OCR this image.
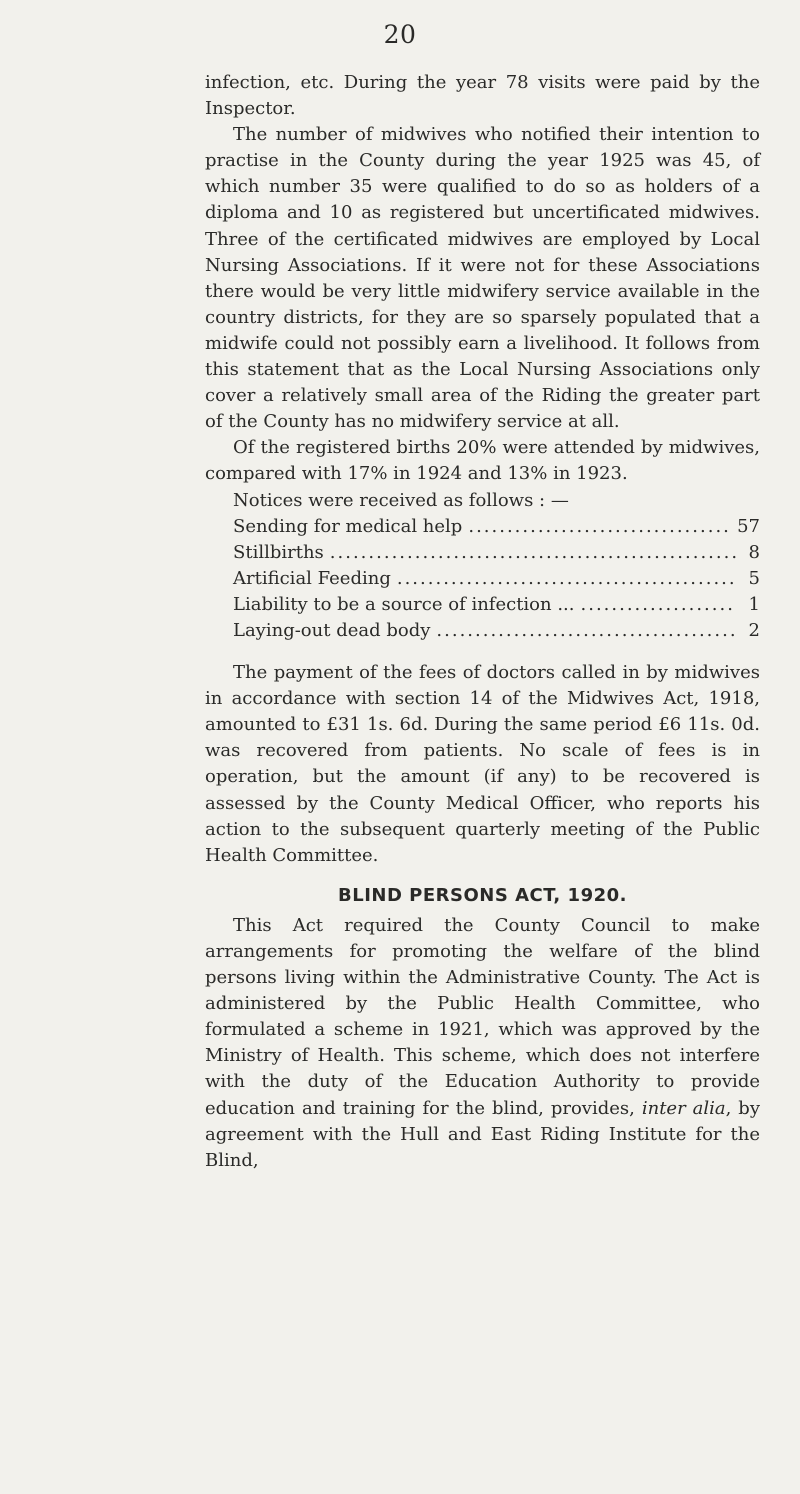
20

infection, etc. During the year 78 visits were paid by the Inspector.

The number of midwives who notified their intention to practise in the County during the year 1925 was 45, of which number 35 were qualified to do so as holders of a diploma and 10 as registered but uncertificated midwives. Three of the certificated midwives are employed by Local Nursing Associations. If it were not for these Associations there would be very little midwifery service available in the country districts, for they are so sparsely populated that a midwife could not possibly earn a livelihood. It follows from this statement that as the Local Nursing Associations only cover a relatively small area of the Riding the greater part of the County has no midwifery service at all.

Of the registered births 20% were attended by midwives, compared with 17% in 1924 and 13% in 1923.

Notices were received as follows : —

Sending for medical help .....	57
Stillbirths .....	8
Artificial Feeding .....	5
Liability to be a source of infection ... .....	1
Laying-out dead body .....	2

The payment of the fees of doctors called in by midwives in accordance with section 14 of the Midwives Act, 1918, amounted to £31 1s. 6d. During the same period £6 11s. 0d. was recovered from patients. No scale of fees is in operation, but the amount (if any) to be recovered is assessed by the County Medical Officer, who reports his action to the subsequent quarterly meeting of the Public Health Committee.

BLIND PERSONS ACT, 1920.

This Act required the County Council to make arrangements for promoting the welfare of the blind persons living within the Administrative County. The Act is administered by the Public Health Committee, who formulated a scheme in 1921, which was approved by the Ministry of Health. This scheme, which does not interfere with the duty of the Education Authority to provide education and training for the blind, provides, inter alia, by agreement with the Hull and East Riding Institute for the Blind,
